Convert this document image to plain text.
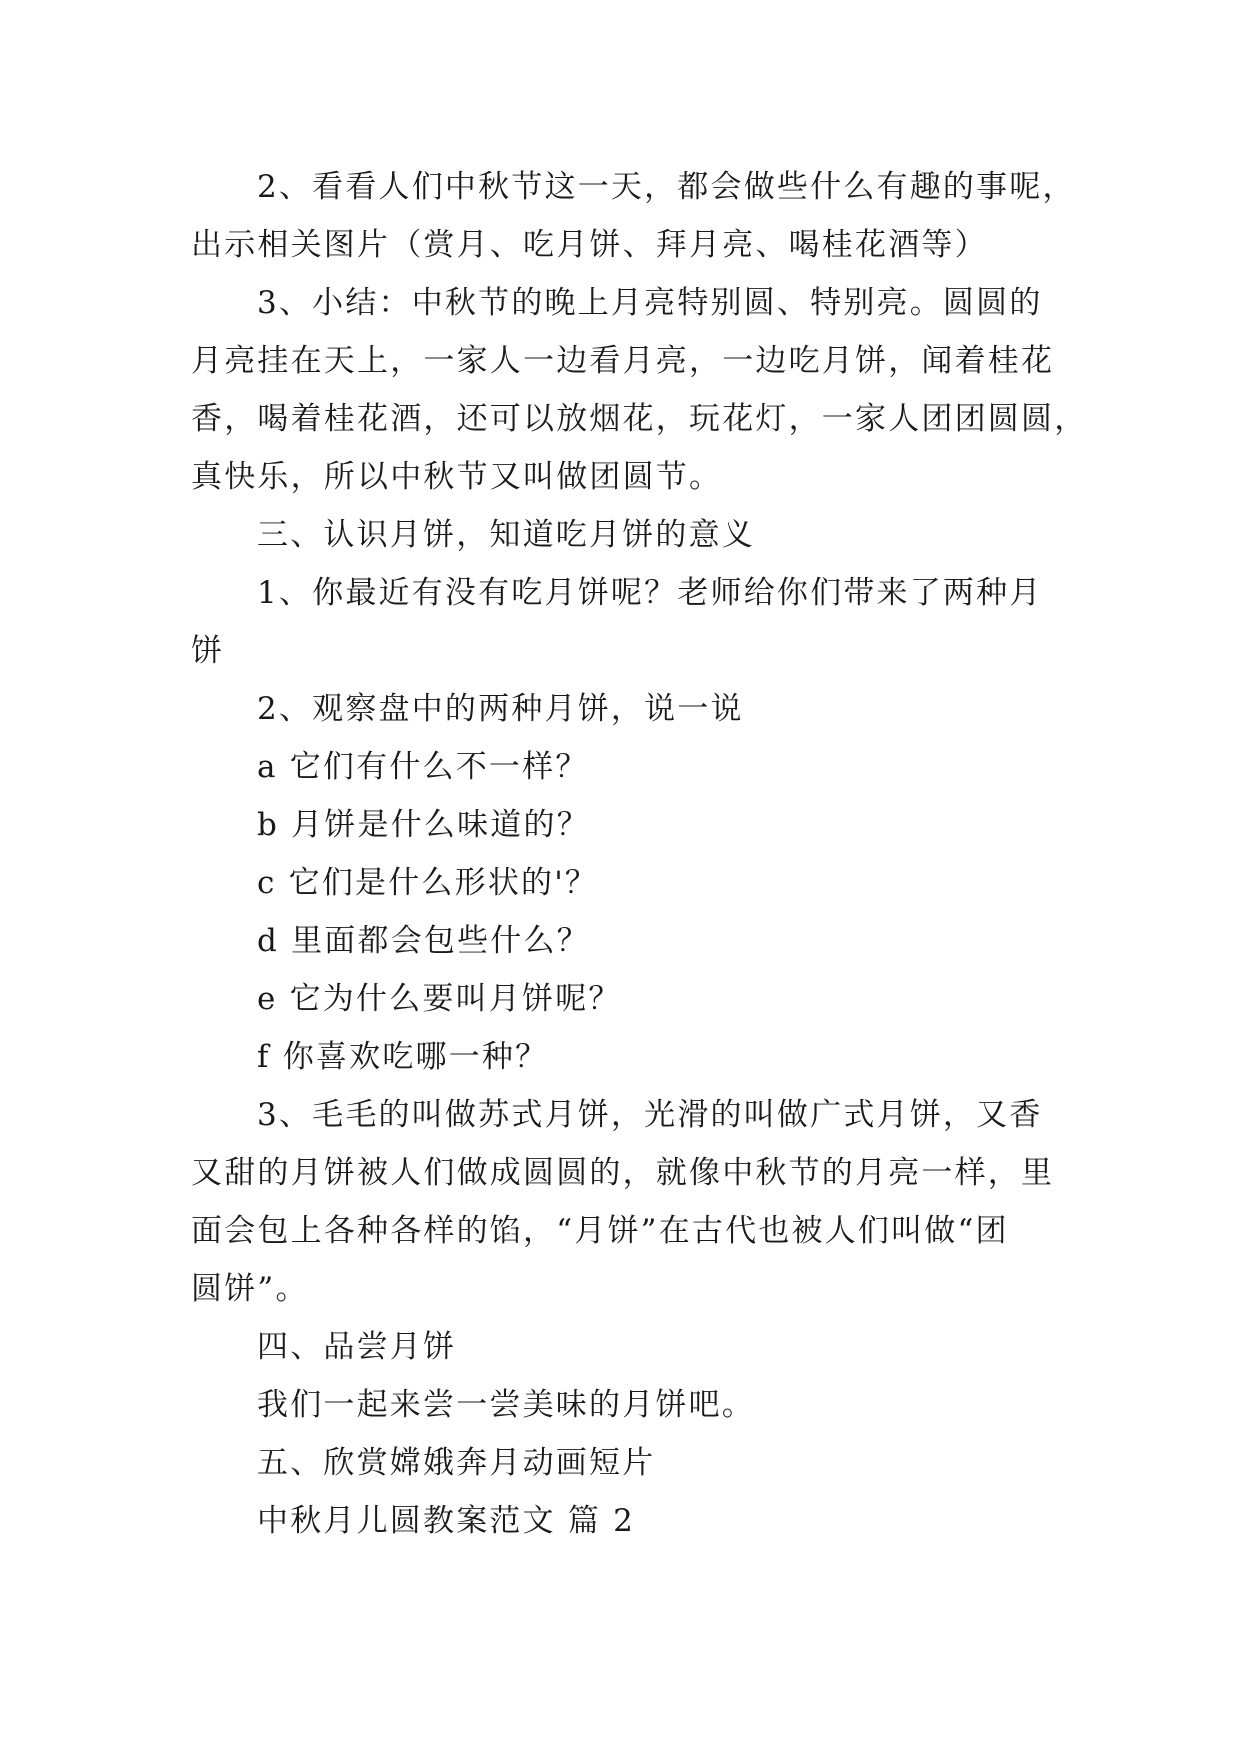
2、看看人们中秋节这一天，都会做些什么有趣的事呢，
出示相关图片（赏月、吃月饼、拜月亮、喝桂花酒等）
3、小结：中秋节的晚上月亮特别圆、特别亮。圆圆的
月亮挂在天上，一家人一边看月亮，一边吃月饼，闻着桂花
香，喝着桂花酒，还可以放烟花，玩花灯，一家人团团圆圆，
真快乐，所以中秋节又叫做团圆节。
三、认识月饼，知道吃月饼的意义
1、你最近有没有吃月饼呢？老师给你们带来了两种月
饼
2、观察盘中的两种月饼，说一说
a 它们有什么不一样？
b 月饼是什么味道的？
c 它们是什么形状的'？
d 里面都会包些什么？
e 它为什么要叫月饼呢？
f 你喜欢吃哪一种？
3、毛毛的叫做苏式月饼，光滑的叫做广式月饼，又香
又甜的月饼被人们做成圆圆的，就像中秋节的月亮一样，里
面会包上各种各样的馅，“月饼”在古代也被人们叫做“团
圆饼”。
四、品尝月饼
我们一起来尝一尝美味的月饼吧。
五、欣赏嫦娥奔月动画短片
中秋月儿圆教案范文 篇 2
